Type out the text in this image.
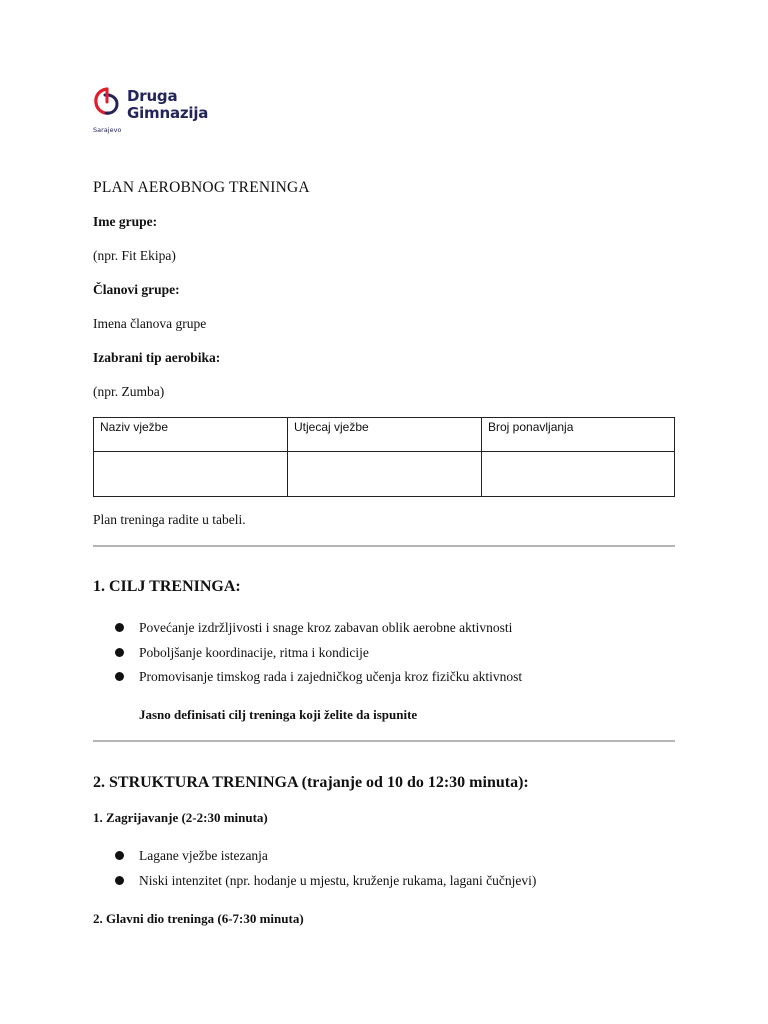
Druga
Gimnazija
Sarajevo
PLAN AEROBNOG TRENINGA
Ime grupe:
(npr. Fit Ekipa)
Članovi grupe:
Imena članova grupe
Izabrani tip aerobika:
(npr. Zumba)
Naziv vježbe	Utjecaj vježbe	Broj ponavljanja

Plan treninga radite u tabeli.
1. CILJ TRENINGA:
Povećanje izdržljivosti i snage kroz zabavan oblik aerobne aktivnosti
Poboljšanje koordinacije, ritma i kondicije
Promovisanje timskog rada i zajedničkog učenja kroz fizičku aktivnost
Jasno definisati cilj treninga koji želite da ispunite
2. STRUKTURA TRENINGA (trajanje od 10 do 12:30 minuta):
1. Zagrijavanje (2-2:30 minuta)
Lagane vježbe istezanja
Niski intenzitet (npr. hodanje u mjestu, kruženje rukama, lagani čučnjevi)
2. Glavni dio treninga (6-7:30 minuta)
